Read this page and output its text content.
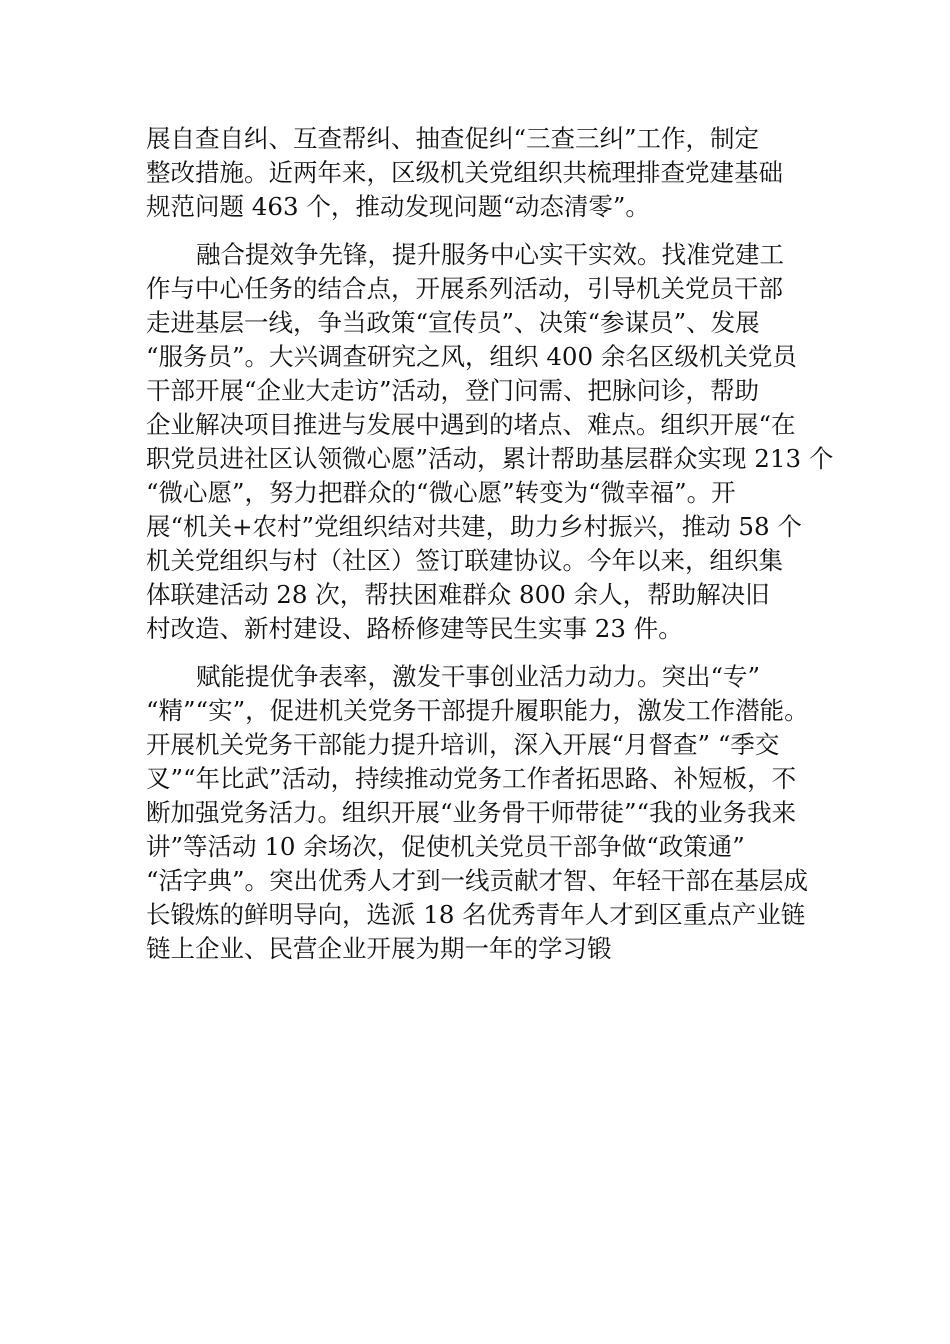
展自查自纠、互查帮纠、抽查促纠“三查三纠”工作，制定
整改措施。近两年来，区级机关党组织共梳理排查党建基础
规范问题 463 个，推动发现问题“动态清零”。
融合提效争先锋，提升服务中心实干实效。找准党建工
作与中心任务的结合点，开展系列活动，引导机关党员干部
走进基层一线，争当政策“宣传员”、决策“参谋员”、发展
“服务员”。大兴调查研究之风，组织 400 余名区级机关党员
干部开展“企业大走访”活动，登门问需、把脉问诊，帮助
企业解决项目推进与发展中遇到的堵点、难点。组织开展“在
职党员进社区认领微心愿”活动，累计帮助基层群众实现 213 个
“微心愿”，努力把群众的“微心愿”转变为“微幸福”。开
展“机关+农村”党组织结对共建，助力乡村振兴，推动 58 个
机关党组织与村（社区）签订联建协议。今年以来，组织集
体联建活动 28 次，帮扶困难群众 800 余人，帮助解决旧
村改造、新村建设、路桥修建等民生实事 23 件。
赋能提优争表率，激发干事创业活力动力。突出“专”
“精”“实”，促进机关党务干部提升履职能力，激发工作潜能。
开展机关党务干部能力提升培训，深入开展“月督查” “季交
叉”“年比武”活动，持续推动党务工作者拓思路、补短板，不
断加强党务活力。组织开展“业务骨干师带徒”“我的业务我来
讲”等活动 10 余场次，促使机关党员干部争做“政策通”
“活字典”。突出优秀人才到一线贡献才智、年轻干部在基层成
长锻炼的鲜明导向，选派 18 名优秀青年人才到区重点产业链
链上企业、民营企业开展为期一年的学习锻
